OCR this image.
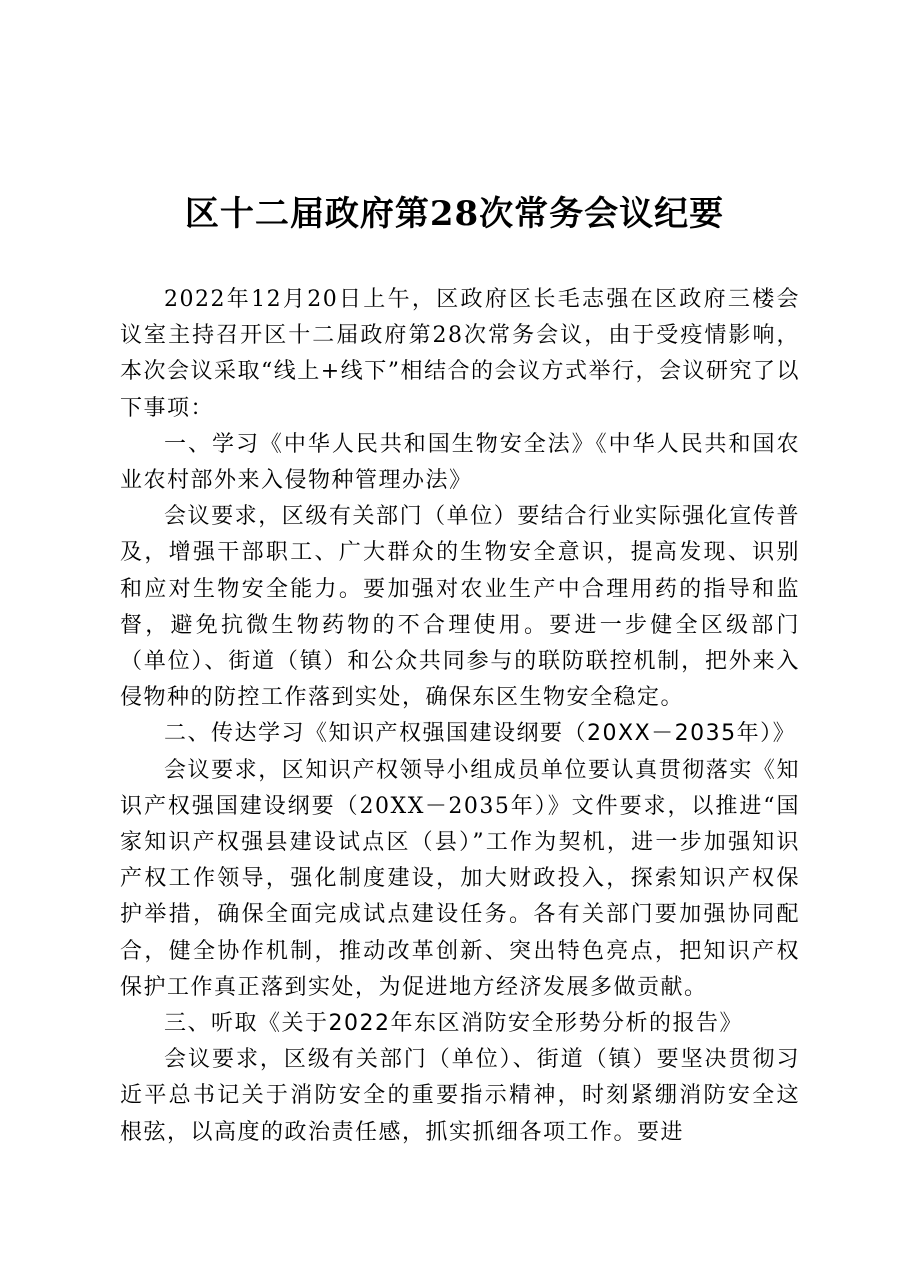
区十二届政府第28次常务会议纪要

2022年12月20日上午，区政府区长毛志强在区政府三楼会议室主持召开区十二届政府第28次常务会议，由于受疫情影响，本次会议采取“线上+线下”相结合的会议方式举行，会议研究了以下事项：

一、学习《中华人民共和国生物安全法》《中华人民共和国农业农村部外来入侵物种管理办法》

会议要求，区级有关部门（单位）要结合行业实际强化宣传普及，增强干部职工、广大群众的生物安全意识，提高发现、识别和应对生物安全能力。要加强对农业生产中合理用药的指导和监督，避免抗微生物药物的不合理使用。要进一步健全区级部门（单位）、街道（镇）和公众共同参与的联防联控机制，把外来入侵物种的防控工作落到实处，确保东区生物安全稳定。

二、传达学习《知识产权强国建设纲要（20XX－2035年）》

会议要求，区知识产权领导小组成员单位要认真贯彻落实《知识产权强国建设纲要（20XX－2035年）》文件要求，以推进“国家知识产权强县建设试点区（县）”工作为契机，进一步加强知识产权工作领导，强化制度建设，加大财政投入，探索知识产权保护举措，确保全面完成试点建设任务。各有关部门要加强协同配合，健全协作机制，推动改革创新、突出特色亮点，把知识产权保护工作真正落到实处，为促进地方经济发展多做贡献。

三、听取《关于2022年东区消防安全形势分析的报告》

会议要求，区级有关部门（单位）、街道（镇）要坚决贯彻习近平总书记关于消防安全的重要指示精神，时刻紧绷消防安全这根弦，以高度的政治责任感，抓实抓细各项工作。要进
